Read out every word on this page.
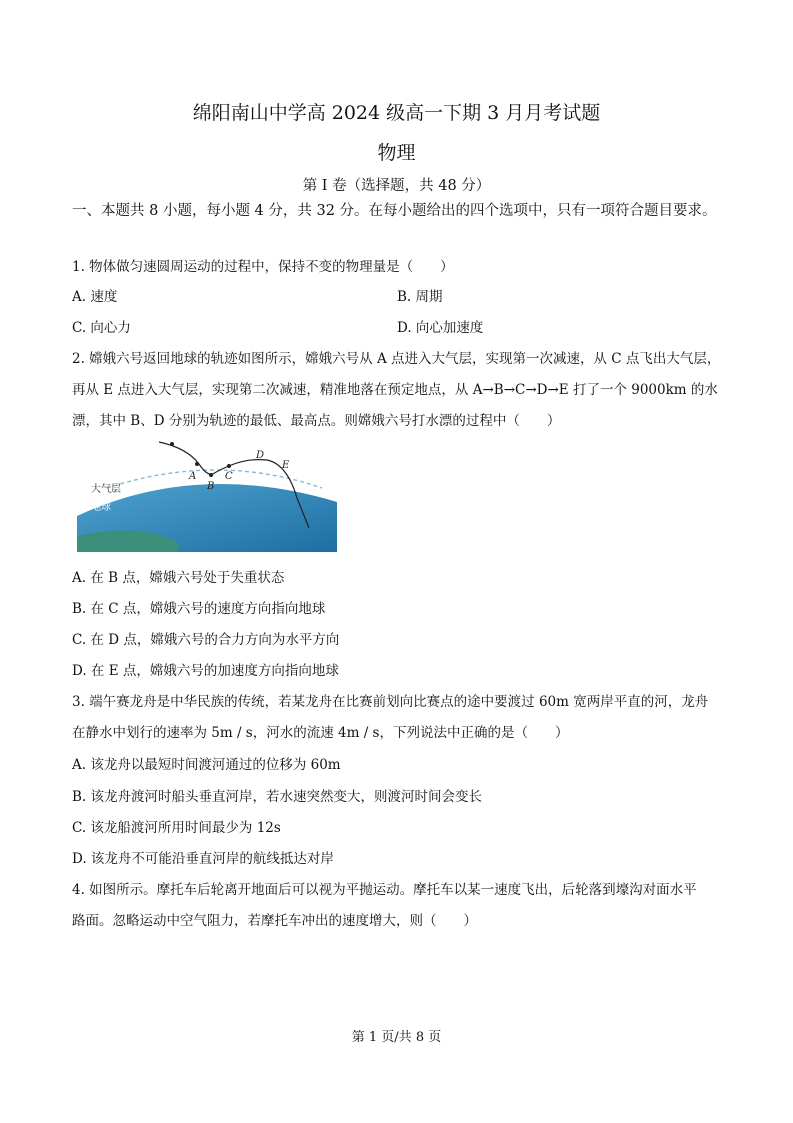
绵阳南山中学高 2024 级高一下期 3 月月考试题
物理
第 I 卷（选择题，共 48 分）
一、本题共 8 小题，每小题 4 分，共 32 分。在每小题给出的四个选项中，只有一项符合题目要求。
1. 物体做匀速圆周运动的过程中，保持不变的物理量是（　　）
A. 速度	B. 周期
C. 向心力	D. 向心加速度
2. 嫦娥六号返回地球的轨迹如图所示，嫦娥六号从 A 点进入大气层，实现第一次减速，从 C 点飞出大气层，
再从 E 点进入大气层，实现第二次减速，精准地落在预定地点，从 A→B→C→D→E 打了一个 9000km 的水
漂，其中 B、D 分别为轨迹的最低、最高点。则嫦娥六号打水漂的过程中（　　）
A
B
C
D
E
大气层
地球
A. 在 B 点，嫦娥六号处于失重状态
B. 在 C 点，嫦娥六号的速度方向指向地球
C. 在 D 点，嫦娥六号的合力方向为水平方向
D. 在 E 点，嫦娥六号的加速度方向指向地球
3. 端午赛龙舟是中华民族的传统，若某龙舟在比赛前划向比赛点的途中要渡过 60m 宽两岸平直的河，龙舟
在静水中划行的速率为 5m / s，河水的流速 4m / s，下列说法中正确的是（　　）
A. 该龙舟以最短时间渡河通过的位移为 60m
B. 该龙舟渡河时船头垂直河岸，若水速突然变大，则渡河时间会变长
C. 该龙船渡河所用时间最少为 12s
D. 该龙舟不可能沿垂直河岸的航线抵达对岸
4. 如图所示。摩托车后轮离开地面后可以视为平抛运动。摩托车以某一速度飞出，后轮落到壕沟对面水平
路面。忽略运动中空气阻力，若摩托车冲出的速度增大，则（　　）
第 1 页/共 8 页
